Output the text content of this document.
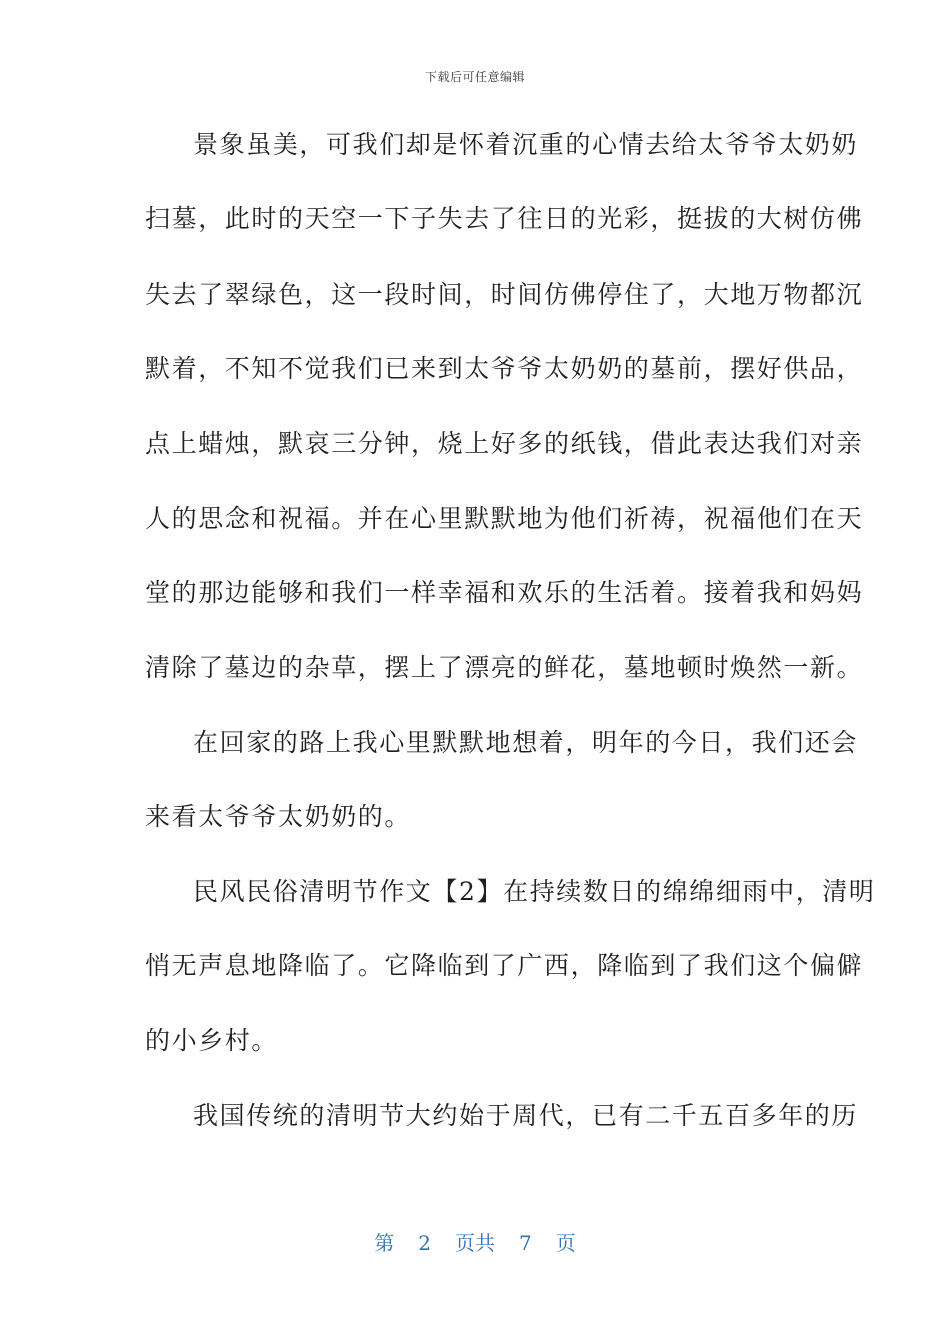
下载后可任意编辑
景象虽美，可我们却是怀着沉重的心情去给太爷爷太奶奶
扫墓，此时的天空一下子失去了往日的光彩，挺拔的大树仿佛
失去了翠绿色，这一段时间，时间仿佛停住了，大地万物都沉
默着，不知不觉我们已来到太爷爷太奶奶的墓前，摆好供品，
点上蜡烛，默哀三分钟，烧上好多的纸钱，借此表达我们对亲
人的思念和祝福。并在心里默默地为他们祈祷，祝福他们在天
堂的那边能够和我们一样幸福和欢乐的生活着。接着我和妈妈
清除了墓边的杂草，摆上了漂亮的鲜花，墓地顿时焕然一新。
在回家的路上我心里默默地想着，明年的今日，我们还会
来看太爷爷太奶奶的。
民风民俗清明节作文【2】在持续数日的绵绵细雨中，清明
悄无声息地降临了。它降临到了广西，降临到了我们这个偏僻
的小乡村。
我国传统的清明节大约始于周代，已有二千五百多年的历
第 2 页共 7 页
